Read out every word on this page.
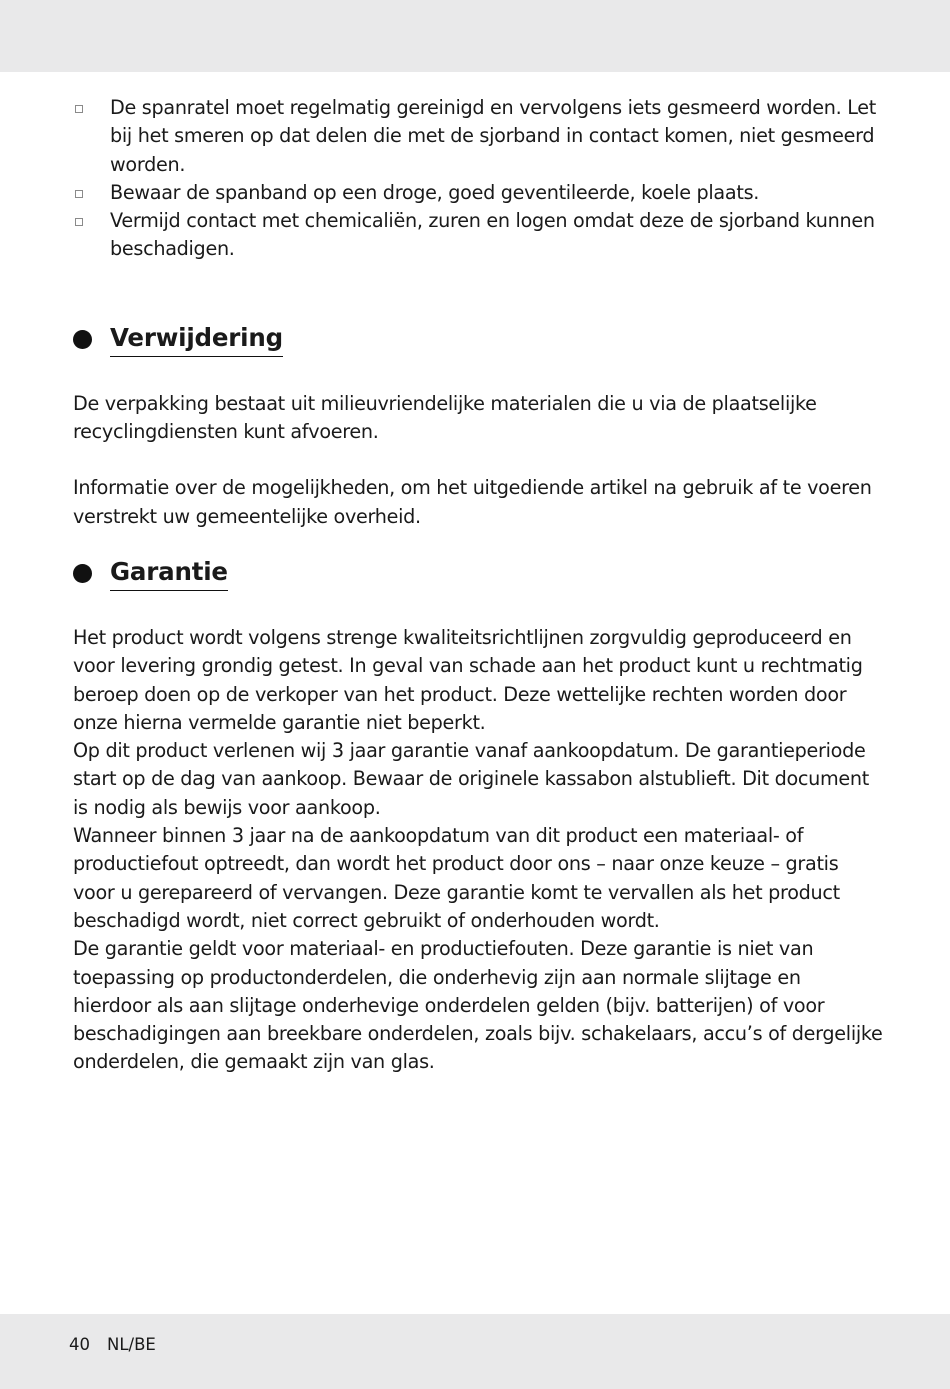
De spanratel moet regelmatig gereinigd en vervolgens iets gesmeerd worden. Let bij het smeren op dat delen die met de sjorband in contact komen, niet gesmeerd worden.
Bewaar de spanband op een droge, goed geventileerde, koele plaats.
Vermijd contact met chemicaliën, zuren en logen omdat deze de sjorband kunnen beschadigen.
Verwijdering

De verpakking bestaat uit milieuvriendelijke materialen die u via de plaatselijke recyclingdiensten kunt afvoeren.

Informatie over de mogelijkheden, om het uitgediende artikel na gebruik af te voeren verstrekt uw gemeentelijke overheid.

Garantie

Het product wordt volgens strenge kwaliteitsrichtlijnen zorgvuldig geproduceerd en voor levering grondig getest. In geval van schade aan het product kunt u rechtmatig beroep doen op de verkoper van het product. Deze wettelijke rechten worden door onze hierna vermelde garantie niet beperkt.

Op dit product verlenen wij 3 jaar garantie vanaf aankoopdatum. De garantieperiode start op de dag van aankoop. Bewaar de originele kassabon alstublieft. Dit document is nodig als bewijs voor aankoop.

Wanneer binnen 3 jaar na de aankoopdatum van dit product een materiaal- of productiefout optreedt, dan wordt het product door ons – naar onze keuze – gratis voor u gerepareerd of vervangen. Deze garantie komt te vervallen als het product beschadigd wordt, niet correct gebruikt of onderhouden wordt.

De garantie geldt voor materiaal- en productiefouten. Deze garantie is niet van toepassing op productonderdelen, die onderhevig zijn aan normale slijtage en hierdoor als aan slijtage onderhevige onderdelen gelden (bijv. batterijen) of voor beschadigingen aan breekbare onderdelen, zoals bijv. schakelaars, accu’s of dergelijke onderdelen, die gemaakt zijn van glas.

40 NL/BE
